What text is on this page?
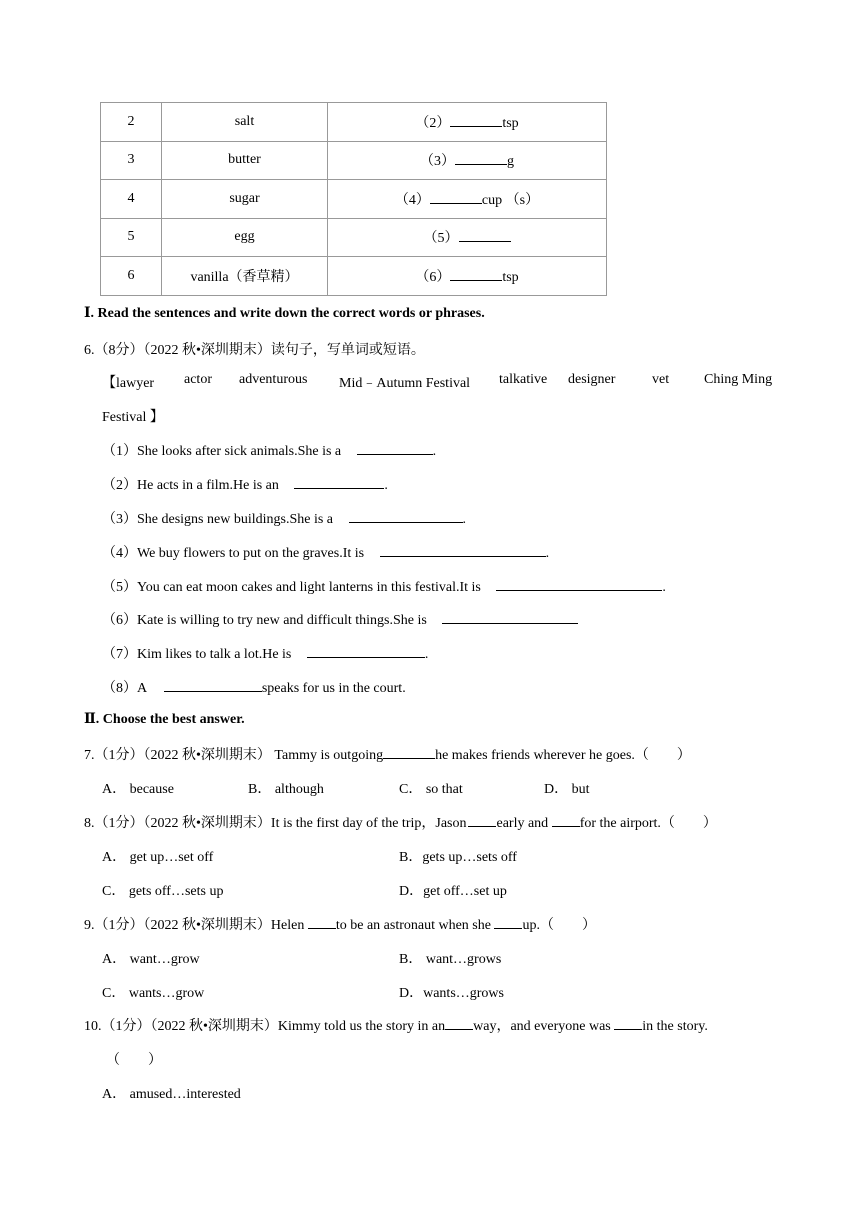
2	salt	（2） tsp
3	butter	（3） g
4	sugar	（4） cup （s）
5	egg	（5）
6	vanilla（香草精）	（6） tsp
Ⅰ. Read the sentences and write down the correct words or phrases.
6.（8分）（2022 秋•深圳期末）读句子，写单词或短语。
【lawyer actor adventurous Mid﹣Autumn Festival talkative designer	vet Ching Ming
Festival 】
（1）She looks after sick animals.She is a	.
（2）He acts in a film.He is an	.
（3）She designs new buildings.She is a	.
（4）We buy flowers to put on the graves.It is	.
（5）You can eat moon cakes and light lanterns in this festival.It is	.
（6）Kate is willing to try new and difficult things.She is
（7）Kim likes to talk a lot.He is	.
（8）A	speaks for us in the court.
Ⅱ. Choose the best answer.
7.（1分）（2022 秋•深圳期末） Tammy is outgoing	he makes friends wherever he goes.（　　）
A． because	B． although	C． so that	D． but
8.（1分）（2022 秋•深圳期末）It is the first day of the trip，Jason early and for the airport.（　　）
A． get up…set off	B．gets up…sets off
C． gets off…sets up	D．get off…set up
9.（1分）（2022 秋•深圳期末）Helen to be an astronaut when she up.（　　）
A． want…grow	B． want…grows
C． wants…grow	D．wants…grows
10.（1分）（2022 秋•深圳期末）Kimmy told us the story in an way，and everyone was in the story.
（　　）
A． amused…interested
